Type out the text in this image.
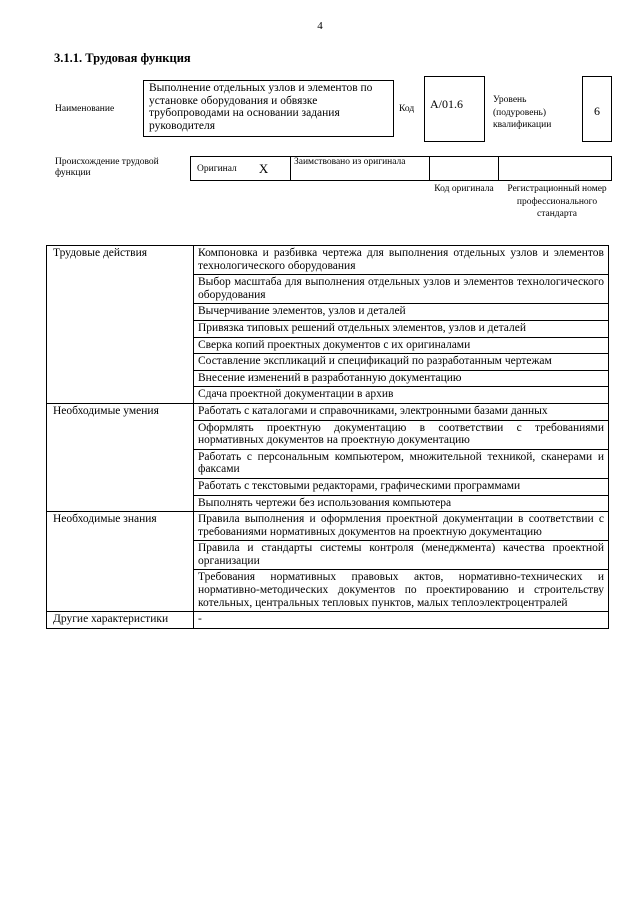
4
3.1.1. Трудовая функция
Наименование
Выполнение отдельных узлов и элементов по установке оборудования и обвязке трубопроводами на основании задания руководителя
Код	A/01.6	Уровень (подуровень) квалификации
6
Происхождение трудовой функции	Оригинал X	Заимствовано из оригинала
Код оригинала	Регистрационный номер профессионального стандарта
Трудовые действия	Компоновка и разбивка чертежа для выполнения отдельных узлов и элементов технологического оборудования
	Выбор масштаба для выполнения отдельных узлов и элементов технологического оборудования
	Вычерчивание элементов, узлов и деталей
	Привязка типовых решений отдельных элементов, узлов и деталей
	Сверка копий проектных документов с их оригиналами
	Составление экспликаций и спецификаций по разработанным чертежам
	Внесение изменений в разработанную документацию
	Сдача проектной документации в архив
Необходимые умения	Работать с каталогами и справочниками, электронными базами данных
	Оформлять проектную документацию в соответствии с требованиями нормативных документов на проектную документацию
	Работать с персональным компьютером, множительной техникой, сканерами и факсами
	Работать с текстовыми редакторами, графическими программами
	Выполнять чертежи без использования компьютера
Необходимые знания	Правила выполнения и оформления проектной документации в соответствии с требованиями нормативных документов на проектную документацию
	Правила и стандарты системы контроля (менеджмента) качества проектной организации
	Требования нормативных правовых актов, нормативно-технических и нормативно-методических документов по проектированию и строительству котельных, центральных тепловых пунктов, малых теплоэлектроцентралей
Другие характеристики	-
